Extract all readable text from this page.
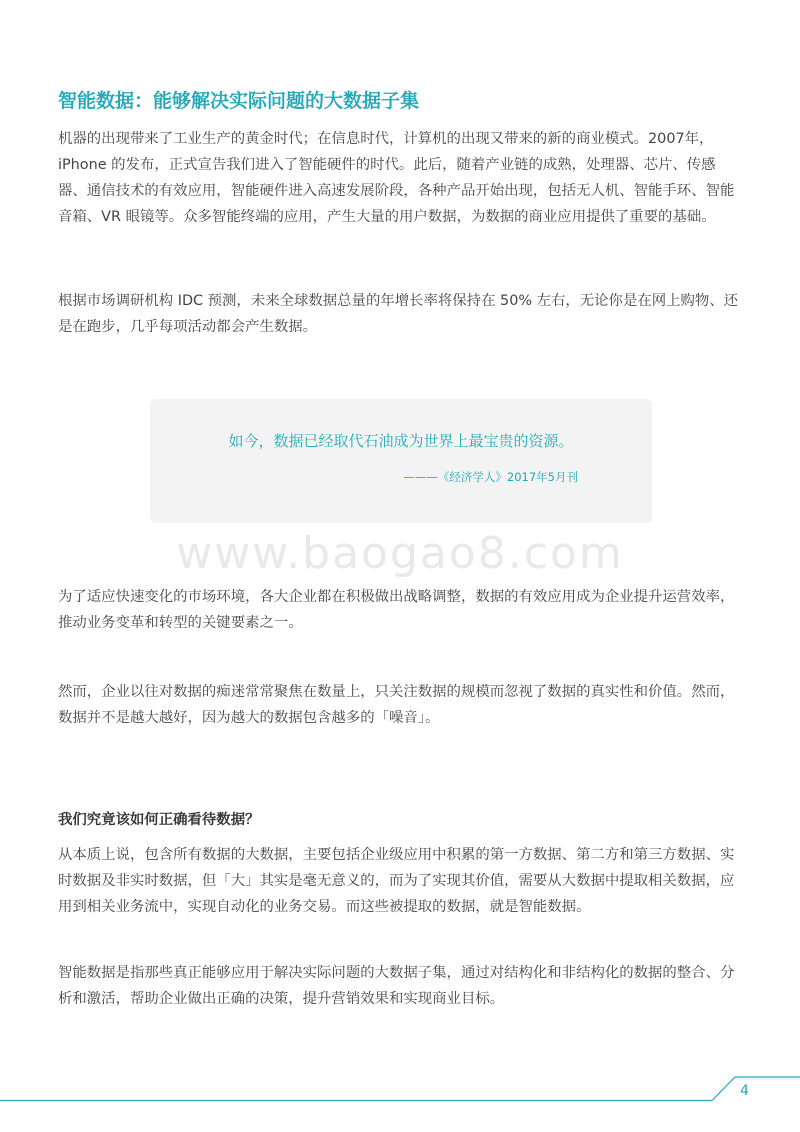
智能数据：能够解决实际问题的大数据子集

机器的出现带来了工业生产的黄金时代；在信息时代，计算机的出现又带来的新的商业模式。2007年，iPhone 的发布，正式宣告我们进入了智能硬件的时代。此后，随着产业链的成熟，处理器、芯片、传感器、通信技术的有效应用，智能硬件进入高速发展阶段，各种产品开始出现，包括无人机、智能手环、智能音箱、VR 眼镜等。众多智能终端的应用，产生大量的用户数据，为数据的商业应用提供了重要的基础。

根据市场调研机构 IDC 预测，未来全球数据总量的年增长率将保持在 50% 左右，无论你是在网上购物、还是在跑步，几乎每项活动都会产生数据。

如今，数据已经取代石油成为世界上最宝贵的资源。
———《经济学人》2017年5月刊
www.baogao8.com

为了适应快速变化的市场环境，各大企业都在积极做出战略调整，数据的有效应用成为企业提升运营效率，推动业务变革和转型的关键要素之一。

然而，企业以往对数据的痴迷常常聚焦在数量上，只关注数据的规模而忽视了数据的真实性和价值。然而，数据并不是越大越好，因为越大的数据包含越多的「噪音」。

我们究竟该如何正确看待数据？

从本质上说，包含所有数据的大数据，主要包括企业级应用中积累的第一方数据、第二方和第三方数据、实时数据及非实时数据，但「大」其实是毫无意义的，而为了实现其价值，需要从大数据中提取相关数据，应用到相关业务流中，实现自动化的业务交易。而这些被提取的数据，就是智能数据。

智能数据是指那些真正能够应用于解决实际问题的大数据子集，通过对结构化和非结构化的数据的整合、分析和激活，帮助企业做出正确的决策，提升营销效果和实现商业目标。

4
